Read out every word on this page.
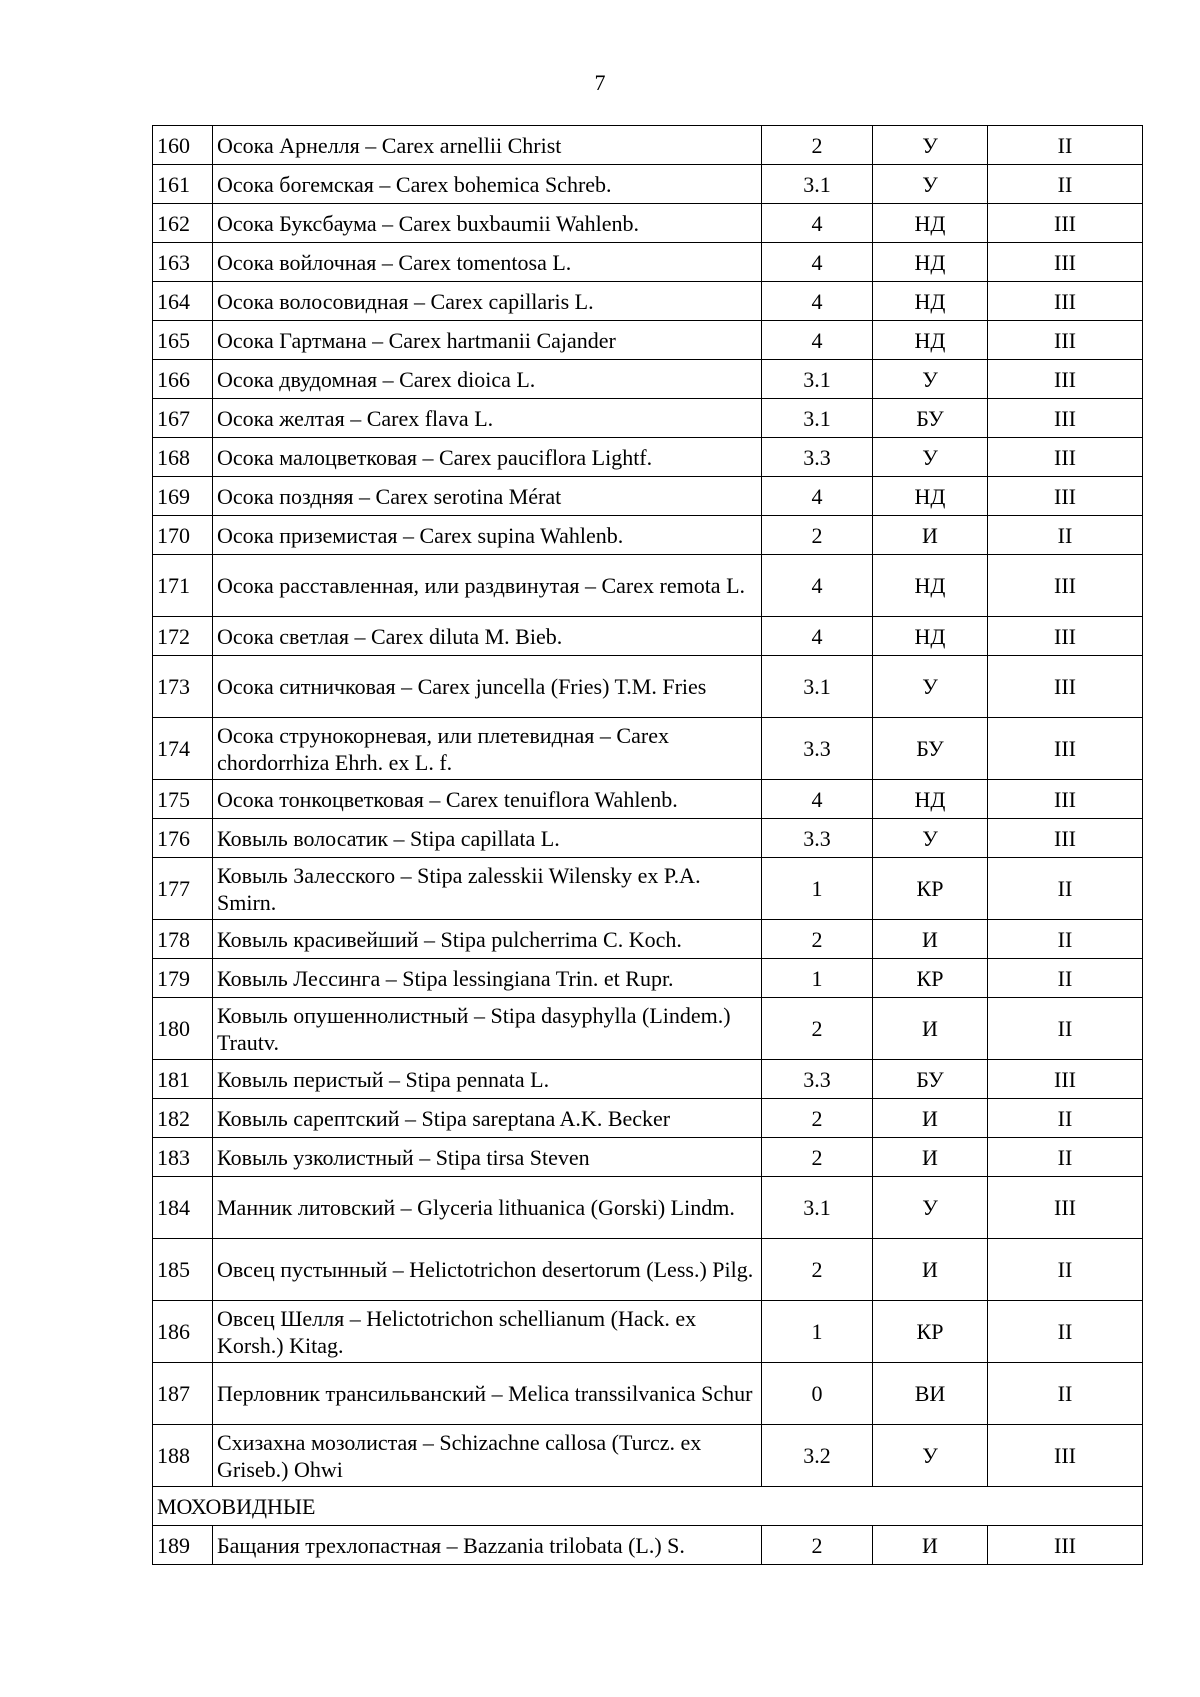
7
160	Осока Арнелля – Carex arnellii Christ	2	У	II
161	Осока богемская – Carex bohemica Schreb.	3.1	У	II
162	Осока Буксбаума – Carex buxbaumii Wahlenb.	4	НД	III
163	Осока войлочная – Carex tomentosa L.	4	НД	III
164	Осока волосовидная – Carex capillaris L.	4	НД	III
165	Осока Гартмана – Carex hartmanii Cajander	4	НД	III
166	Осока двудомная – Carex dioica L.	3.1	У	III
167	Осока желтая – Carex flava L.	3.1	БУ	III
168	Осока малоцветковая – Carex pauciflora Lightf.	3.3	У	III
169	Осока поздняя – Carex serotina Mérat	4	НД	III
170	Осока приземистая – Carex supina Wahlenb.	2	И	II
171	Осока расставленная, или раздвинутая – Carex remota L.	4	НД	III
172	Осока светлая – Carex diluta M. Bieb.	4	НД	III
173	Осока ситничковая – Carex juncella (Fries) T.M. Fries	3.1	У	III
174	Осока струнокорневая, или плетевидная – Carex chordorrhiza Ehrh. ex L. f.	3.3	БУ	III
175	Осока тонкоцветковая – Carex tenuiflora Wahlenb.	4	НД	III
176	Ковыль волосатик – Stipa capillata L.	3.3	У	III
177	Ковыль Залесского – Stipa zalesskii Wilensky ex P.A. Smirn.	1	КР	II
178	Ковыль красивейший – Stipa pulcherrima C. Koch.	2	И	II
179	Ковыль Лессинга – Stipa lessingiana Trin. et Rupr.	1	КР	II
180	Ковыль опушеннолистный – Stipa dasyphylla (Lindem.) Trautv.	2	И	II
181	Ковыль перистый – Stipa pennata L.	3.3	БУ	III
182	Ковыль сарептский – Stipa sareptana A.K. Becker	2	И	II
183	Ковыль узколистный – Stipa tirsa Steven	2	И	II
184	Манник литовский – Glyceria lithuanica (Gorski) Lindm.	3.1	У	III
185	Овсец пустынный – Helictotrichon desertorum (Less.) Pilg.	2	И	II
186	Овсец Шелля – Helictotrichon schellianum (Hack. ex Korsh.) Kitag.	1	КР	II
187	Перловник трансильванский – Melica transsilvanica Schur	0	ВИ	II
188	Схизахна мозолистая – Schizachne callosa (Turcz. ex Griseb.) Ohwi	3.2	У	III
МОХОВИДНЫЕ				
189	Бащания трехлопастная – Bazzania trilobata (L.) S.	2	И	III
